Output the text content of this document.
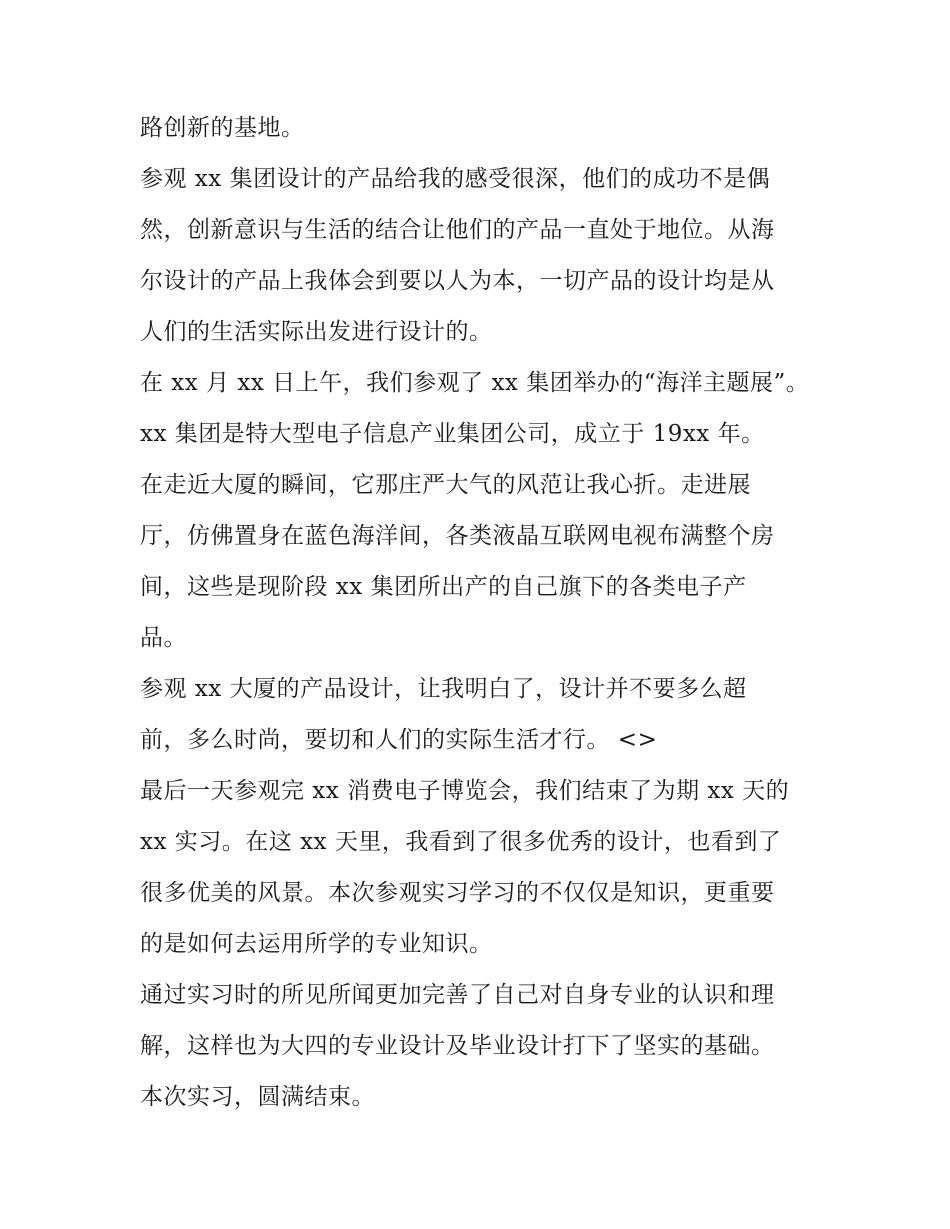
路创新的基地。
参观 xx 集团设计的产品给我的感受很深，他们的成功不是偶
然，创新意识与生活的结合让他们的产品一直处于地位。从海
尔设计的产品上我体会到要以人为本，一切产品的设计均是从
人们的生活实际出发进行设计的。
在 xx 月 xx 日上午，我们参观了 xx 集团举办的“海洋主题展”。
xx 集团是特大型电子信息产业集团公司，成立于 19xx 年。
在走近大厦的瞬间，它那庄严大气的风范让我心折。走进展
厅，仿佛置身在蓝色海洋间，各类液晶互联网电视布满整个房
间，这些是现阶段 xx 集团所出产的自己旗下的各类电子产
品。
参观 xx 大厦的产品设计，让我明白了，设计并不要多么超
前，多么时尚，要切和人们的实际生活才行。 <>
最后一天参观完 xx 消费电子博览会，我们结束了为期 xx 天的
xx 实习。在这 xx 天里，我看到了很多优秀的设计，也看到了
很多优美的风景。本次参观实习学习的不仅仅是知识，更重要
的是如何去运用所学的专业知识。
通过实习时的所见所闻更加完善了自己对自身专业的认识和理
解，这样也为大四的专业设计及毕业设计打下了坚实的基础。
本次实习，圆满结束。
